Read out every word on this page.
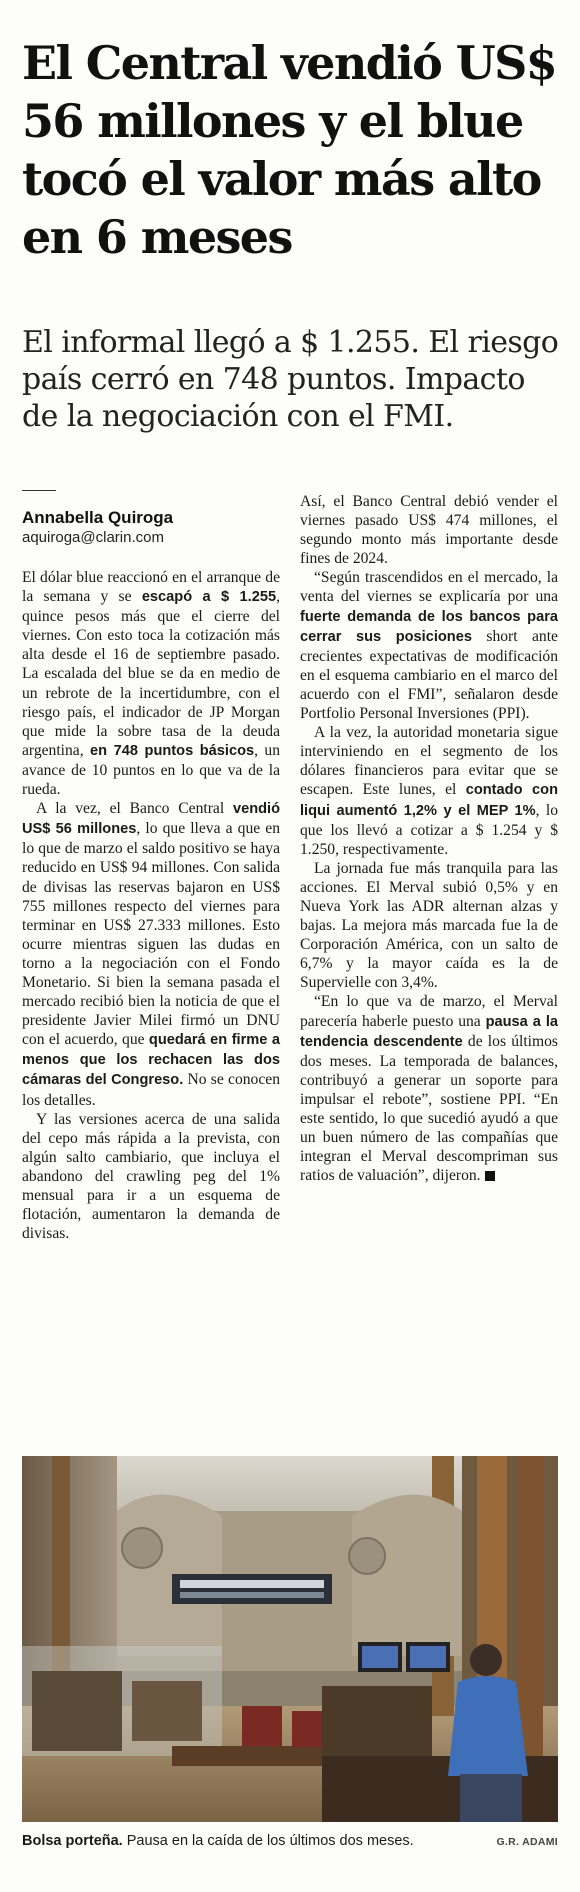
El Central vendió US$ 56 millones y el blue tocó el valor más alto en 6 meses
El informal llegó a $ 1.255. El riesgo país cerró en 748 puntos. Impacto de la negociación con el FMI.
Annabella Quiroga
aquiroga@clarin.com

El dólar blue reaccionó en el arranque de la semana y se escapó a $ 1.255, quince pesos más que el cierre del viernes. Con esto toca la cotización más alta desde el 16 de septiembre pasado. La escalada del blue se da en medio de un rebrote de la incertidumbre, con el riesgo país, el indicador de JP Morgan que mide la sobre tasa de la deuda argentina, en 748 puntos básicos, un avance de 10 puntos en lo que va de la rueda.

A la vez, el Banco Central vendió US$ 56 millones, lo que lleva a que en lo que de marzo el saldo positivo se haya reducido en US$ 94 millones. Con salida de divisas las reservas bajaron en US$ 755 millones respecto del viernes para terminar en US$ 27.333 millones. Esto ocurre mientras siguen las dudas en torno a la negociación con el Fondo Monetario. Si bien la semana pasada el mercado recibió bien la noticia de que el presidente Javier Milei firmó un DNU con el acuerdo, que quedará en firme a menos que los rechacen las dos cámaras del Congreso. No se conocen los detalles.

Y las versiones acerca de una salida del cepo más rápida a la prevista, con algún salto cambiario, que incluya el abandono del crawling peg del 1% mensual para ir a un esquema de flotación, aumentaron la demanda de divisas.

Así, el Banco Central debió vender el viernes pasado US$ 474 millones, el segundo monto más importante desde fines de 2024.

“Según trascendidos en el mercado, la venta del viernes se explicaría por una fuerte demanda de los bancos para cerrar sus posiciones short ante crecientes expectativas de modificación en el esquema cambiario en el marco del acuerdo con el FMI”, señalaron desde Portfolio Personal Inversiones (PPI).

A la vez, la autoridad monetaria sigue interviniendo en el segmento de los dólares financieros para evitar que se escapen. Este lunes, el contado con liqui aumentó 1,2% y el MEP 1%, lo que los llevó a cotizar a $ 1.254 y $ 1.250, respectivamente.

La jornada fue más tranquila para las acciones. El Merval subió 0,5% y en Nueva York las ADR alternan alzas y bajas. La mejora más marcada fue la de Corporación América, con un salto de 6,7% y la mayor caída es la de Supervielle con 3,4%.

“En lo que va de marzo, el Merval parecería haberle puesto una pausa a la tendencia descendente de los últimos dos meses. La temporada de balances, contribuyó a generar un soporte para impulsar el rebote”, sostiene PPI. “En este sentido, lo que sucedió ayudó a que un buen número de las compañías que integran el Merval descompriman sus ratios de valuación”, dijeron.

Bolsa porteña. Pausa en la caída de los últimos dos meses.	G.R. ADAMI
